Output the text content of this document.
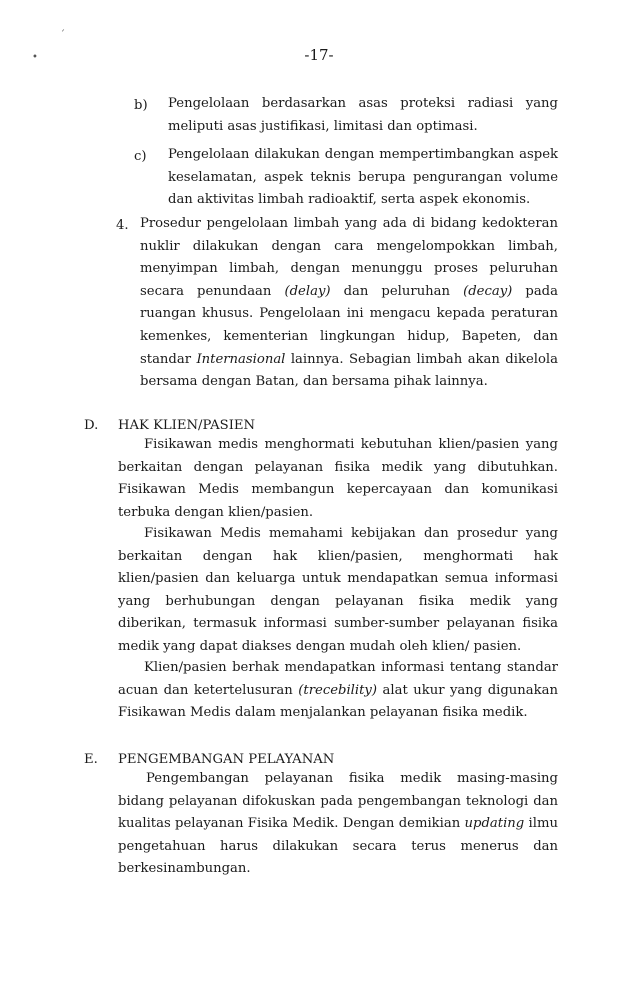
-17-
´
•
b) Pengelolaan berdasarkan asas proteksi radiasi yang meliputi asas justifikasi, limitasi dan optimasi.
c) Pengelolaan dilakukan dengan mempertimbangkan aspek keselamatan, aspek teknis berupa pengurangan volume dan aktivitas limbah radioaktif, serta aspek ekonomis.
4. Prosedur pengelolaan limbah yang ada di bidang kedokteran nuklir dilakukan dengan cara mengelompokkan limbah, menyimpan limbah, dengan menunggu proses peluruhan secara penundaan (delay) dan peluruhan (decay) pada ruangan khusus. Pengelolaan ini mengacu kepada peraturan kemenkes, kementerian lingkungan hidup, Bapeten, dan standar Internasional lainnya. Sebagian limbah akan dikelola bersama dengan Batan, dan bersama pihak lainnya.
D. HAK KLIEN/PASIEN
Fisikawan medis menghormati kebutuhan klien/pasien yang berkaitan dengan pelayanan fisika medik yang dibutuhkan. Fisikawan Medis membangun kepercayaan dan komunikasi terbuka dengan klien/pasien.
Fisikawan Medis memahami kebijakan dan prosedur yang berkaitan dengan hak klien/pasien, menghormati hak klien/pasien dan keluarga untuk mendapatkan semua informasi yang berhubungan dengan pelayanan fisika medik yang diberikan, termasuk informasi sumber-sumber pelayanan fisika medik yang dapat diakses dengan mudah oleh klien/ pasien.
Klien/pasien berhak mendapatkan informasi tentang standar acuan dan ketertelusuran (trecebility) alat ukur yang digunakan Fisikawan Medis dalam menjalankan pelayanan fisika medik.
E. PENGEMBANGAN PELAYANAN
Pengembangan pelayanan fisika medik masing-masing bidang pelayanan difokuskan pada pengembangan teknologi dan kualitas pelayanan Fisika Medik. Dengan demikian updating ilmu pengetahuan harus dilakukan secara terus menerus dan berkesinambungan.
